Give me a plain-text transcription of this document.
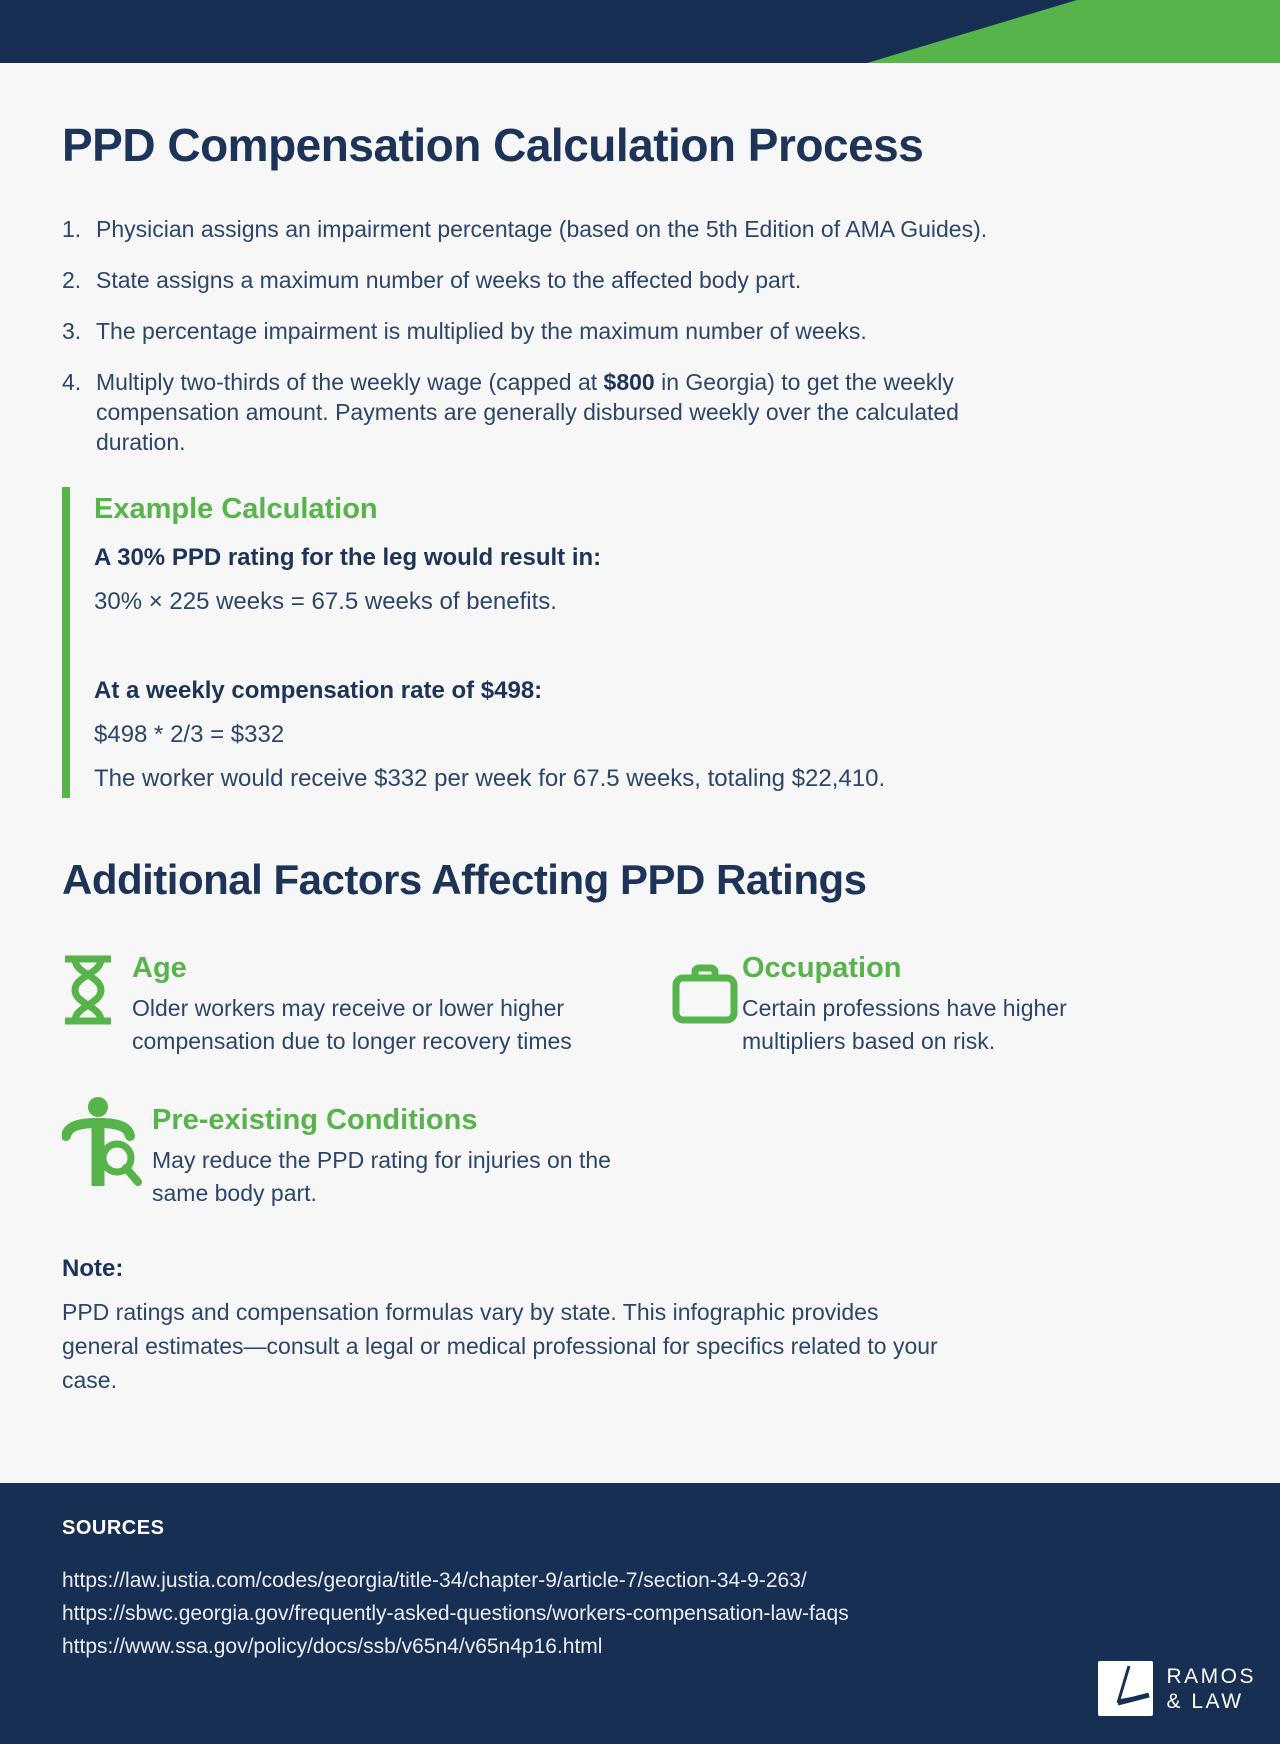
PPD Compensation Calculation Process
1. Physician assigns an impairment percentage (based on the 5th Edition of AMA Guides).
2. State assigns a maximum number of weeks to the affected body part.
3. The percentage impairment is multiplied by the maximum number of weeks.
4. Multiply two-thirds of the weekly wage (capped at $800 in Georgia) to get the weekly compensation amount. Payments are generally disbursed weekly over the calculated duration.
Example Calculation

A 30% PPD rating for the leg would result in:

30% × 225 weeks = 67.5 weeks of benefits.

At a weekly compensation rate of $498:

$498 * 2/3 = $332

The worker would receive $332 per week for 67.5 weeks, totaling $22,410.

Additional Factors Affecting PPD Ratings
Age

Older workers may receive or lower higher compensation due to longer recovery times

Occupation

Certain professions have higher multipliers based on risk.

Pre-existing Conditions

May reduce the PPD rating for injuries on the same body part.

Note:

PPD ratings and compensation formulas vary by state. This infographic provides general estimates—consult a legal or medical professional for specifics related to your case.

SOURCES
https://law.justia.com/codes/georgia/title-34/chapter-9/article-7/section-34-9-263/
https://sbwc.georgia.gov/frequently-asked-questions/workers-compensation-law-faqs
https://www.ssa.gov/policy/docs/ssb/v65n4/v65n4p16.html
RAMOS
& LAW
